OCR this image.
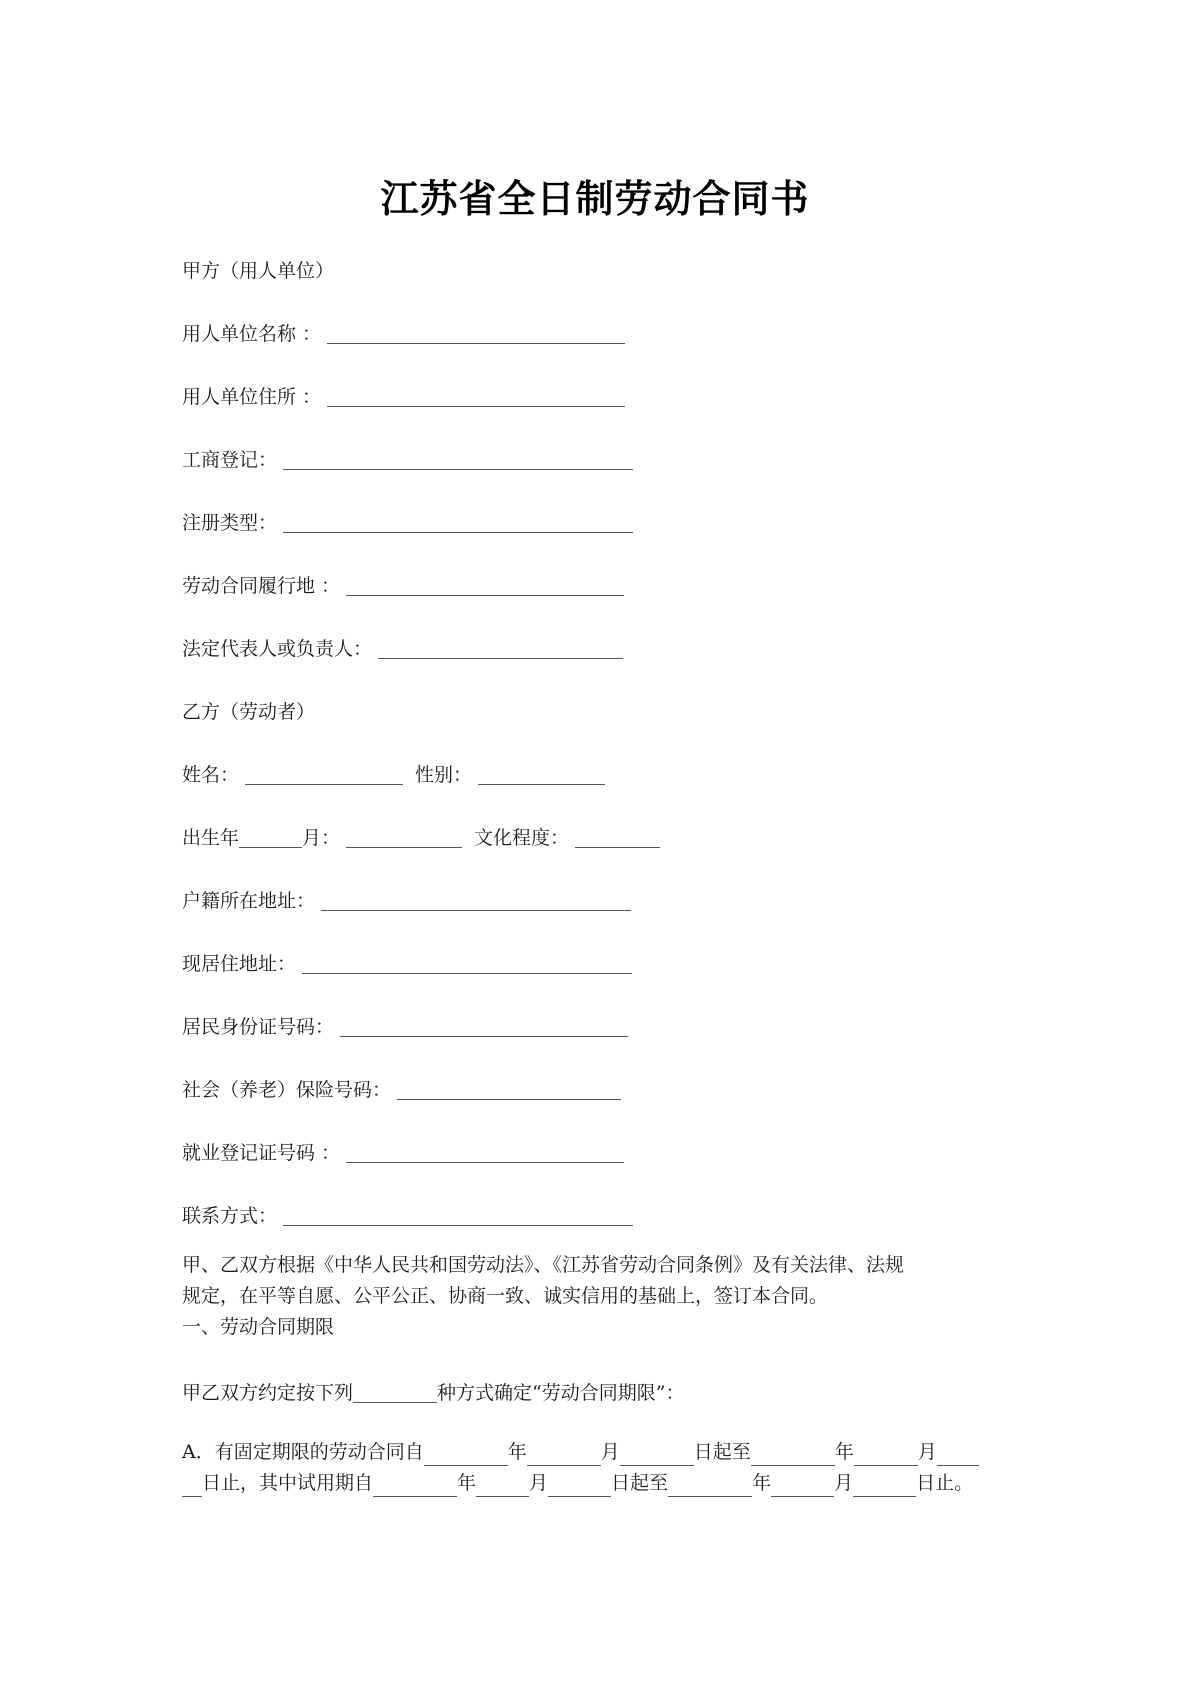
江苏省全日制劳动合同书
甲方（用人单位）
用人单位名称 ：
用人单位住所 ：
工商登记：
注册类型：
劳动合同履行地 ：
法定代表人或负责人：
乙方（劳动者）
姓名：	性别：
出生年	月：	文化程度：
户籍所在地址：
现居住地址：
居民身份证号码：
社会（养老）保险号码：
就业登记证号码 ：
联系方式：
甲、乙双方根据《中华人民共和国劳动法》、《江苏省劳动合同条例》及有关法律、法规
规定，在平等自愿、公平公正、协商一致、诚实信用的基础上，签订本合同。
一、劳动合同期限
甲乙双方约定按下列	种方式确定“劳动合同期限”：
A．有固定期限的劳动合同自	年	月	日起至	年	月
日止，其中试用期自	年	月	日起至	年	月	日止。
